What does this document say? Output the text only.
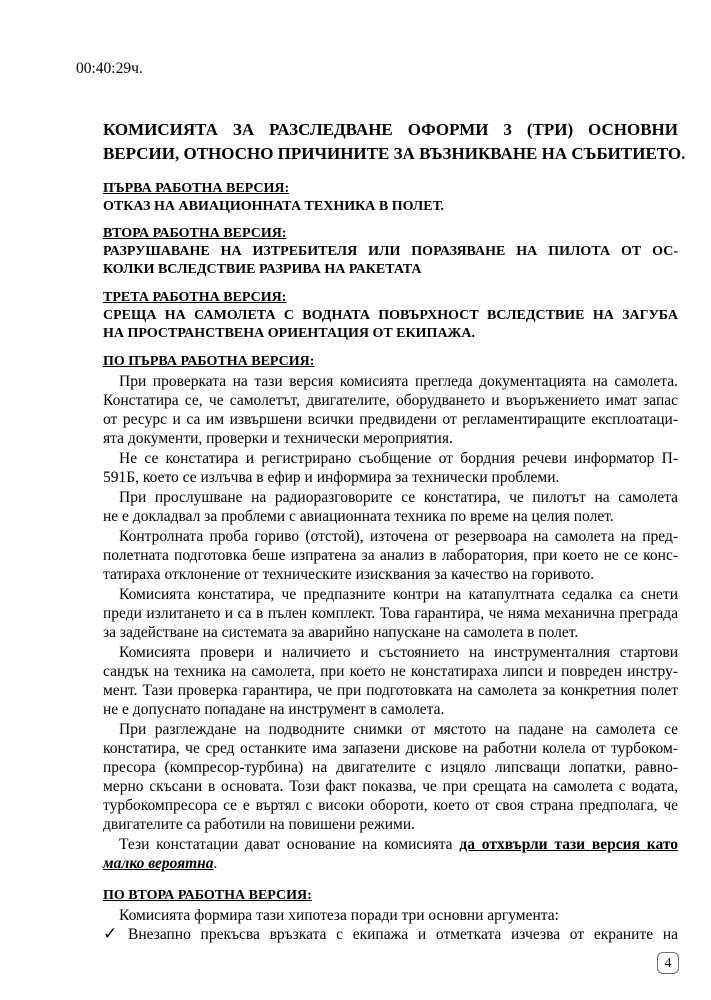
00:40:29ч.
КОМИСИЯТА ЗА РАЗСЛЕДВАНЕ ОФОРМИ 3 (ТРИ) ОСНОВНИ
ВЕРСИИ, ОТНОСНО ПРИЧИНИТЕ ЗА ВЪЗНИКВАНЕ НА СЪБИТИЕТО.
ПЪРВА РАБОТНА ВЕРСИЯ:
ОТКАЗ НА АВИАЦИОННАТА ТЕХНИКА В ПОЛЕТ.
ВТОРА РАБОТНА ВЕРСИЯ:
РАЗРУШАВАНЕ НА ИЗТРЕБИТЕЛЯ ИЛИ ПОРАЗЯВАНЕ НА ПИЛОТА ОТ ОС-
КОЛКИ ВСЛЕДСТВИЕ РАЗРИВА НА РАКЕТАТА
ТРЕТА РАБОТНА ВЕРСИЯ:
СРЕЩА НА САМОЛЕТА С ВОДНАТА ПОВЪРХНОСТ ВСЛЕДСТВИЕ НА ЗАГУБА
НА ПРОСТРАНСТВЕНА ОРИЕНТАЦИЯ ОТ ЕКИПАЖА.
ПО ПЪРВА РАБОТНА ВЕРСИЯ:
При проверката на тази версия комисията прегледа документацията на самолета.
Констатира се, че самолетът, двигателите, оборудването и въоръжението имат запас
от ресурс и са им извършени всички предвидени от регламентиращите експлоатаци-
ята документи, проверки и технически мероприятия.
Не се констатира и регистрирано съобщение от бордния речеви информатор П-
591Б, което се излъчва в ефир и информира за технически проблеми.
При прослушване на радиоразговорите се констатира, че пилотът на самолета
не е докладвал за проблеми с авиационната техника по време на целия полет.
Контролната проба гориво (отстой), източена от резервоара на самолета на пред-
полетната подготовка беше изпратена за анализ в лаборатория, при което не се конс-
татираха отклонение от техническите изисквания за качество на горивото.
Комисията констатира, че предпазните контри на катапултната седалка са снети
преди излитането и са в пълен комплект. Това гарантира, че няма механична преграда
за задействане на системата за аварийно напускане на самолета в полет.
Комисията провери и наличието и състоянието на инструменталния стартови
сандък на техника на самолета, при което не констатираха липси и повреден инстру-
мент. Тази проверка гарантира, че при подготовката на самолета за конкретния полет
не е допуснато попадане на инструмент в самолета.
При разглеждане на подводните снимки от мястото на падане на самолета се
констатира, че сред останките има запазени дискове на работни колела от турбоком-
пресора (компресор-турбина) на двигателите с изцяло липсващи лопатки, равно-
мерно скъсани в основата. Този факт показва, че при срещата на самолета с водата,
турбокомпресора се е въртял с високи обороти, което от своя страна предполага, че
двигателите са работили на повишени режими.
Тези констатации дават основание на комисията да отхвърли тази версия като
малко вероятна.
ПО ВТОРА РАБОТНА ВЕРСИЯ:
Комисията формира тази хипотеза поради три основни аргумента:
✓ Внезапно прекъсва връзката с екипажа и отметката изчезва от екраните на
4
